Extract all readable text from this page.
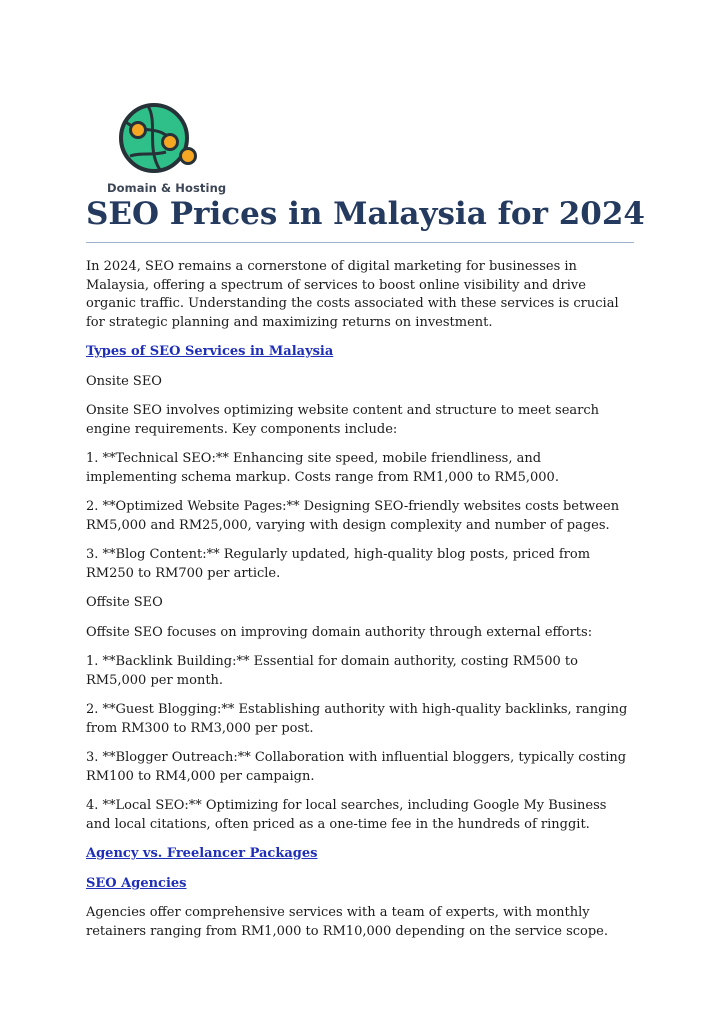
Domain & Hosting
SEO Prices in Malaysia for 2024

In 2024, SEO remains a cornerstone of digital marketing for businesses in Malaysia, offering a spectrum of services to boost online visibility and drive organic traffic. Understanding the costs associated with these services is crucial for strategic planning and maximizing returns on investment.

Types of SEO Services in Malaysia

Onsite SEO

Onsite SEO involves optimizing website content and structure to meet search engine requirements. Key components include:

1. **Technical SEO:** Enhancing site speed, mobile friendliness, and implementing schema markup. Costs range from RM1,000 to RM5,000.

2. **Optimized Website Pages:** Designing SEO-friendly websites costs between RM5,000 and RM25,000, varying with design complexity and number of pages.

3. **Blog Content:** Regularly updated, high-quality blog posts, priced from RM250 to RM700 per article.

Offsite SEO

Offsite SEO focuses on improving domain authority through external efforts:

1. **Backlink Building:** Essential for domain authority, costing RM500 to RM5,000 per month.

2. **Guest Blogging:** Establishing authority with high-quality backlinks, ranging from RM300 to RM3,000 per post.

3. **Blogger Outreach:** Collaboration with influential bloggers, typically costing RM100 to RM4,000 per campaign.

4. **Local SEO:** Optimizing for local searches, including Google My Business and local citations, often priced as a one-time fee in the hundreds of ringgit.

Agency vs. Freelancer Packages

SEO Agencies

Agencies offer comprehensive services with a team of experts, with monthly retainers ranging from RM1,000 to RM10,000 depending on the service scope.
